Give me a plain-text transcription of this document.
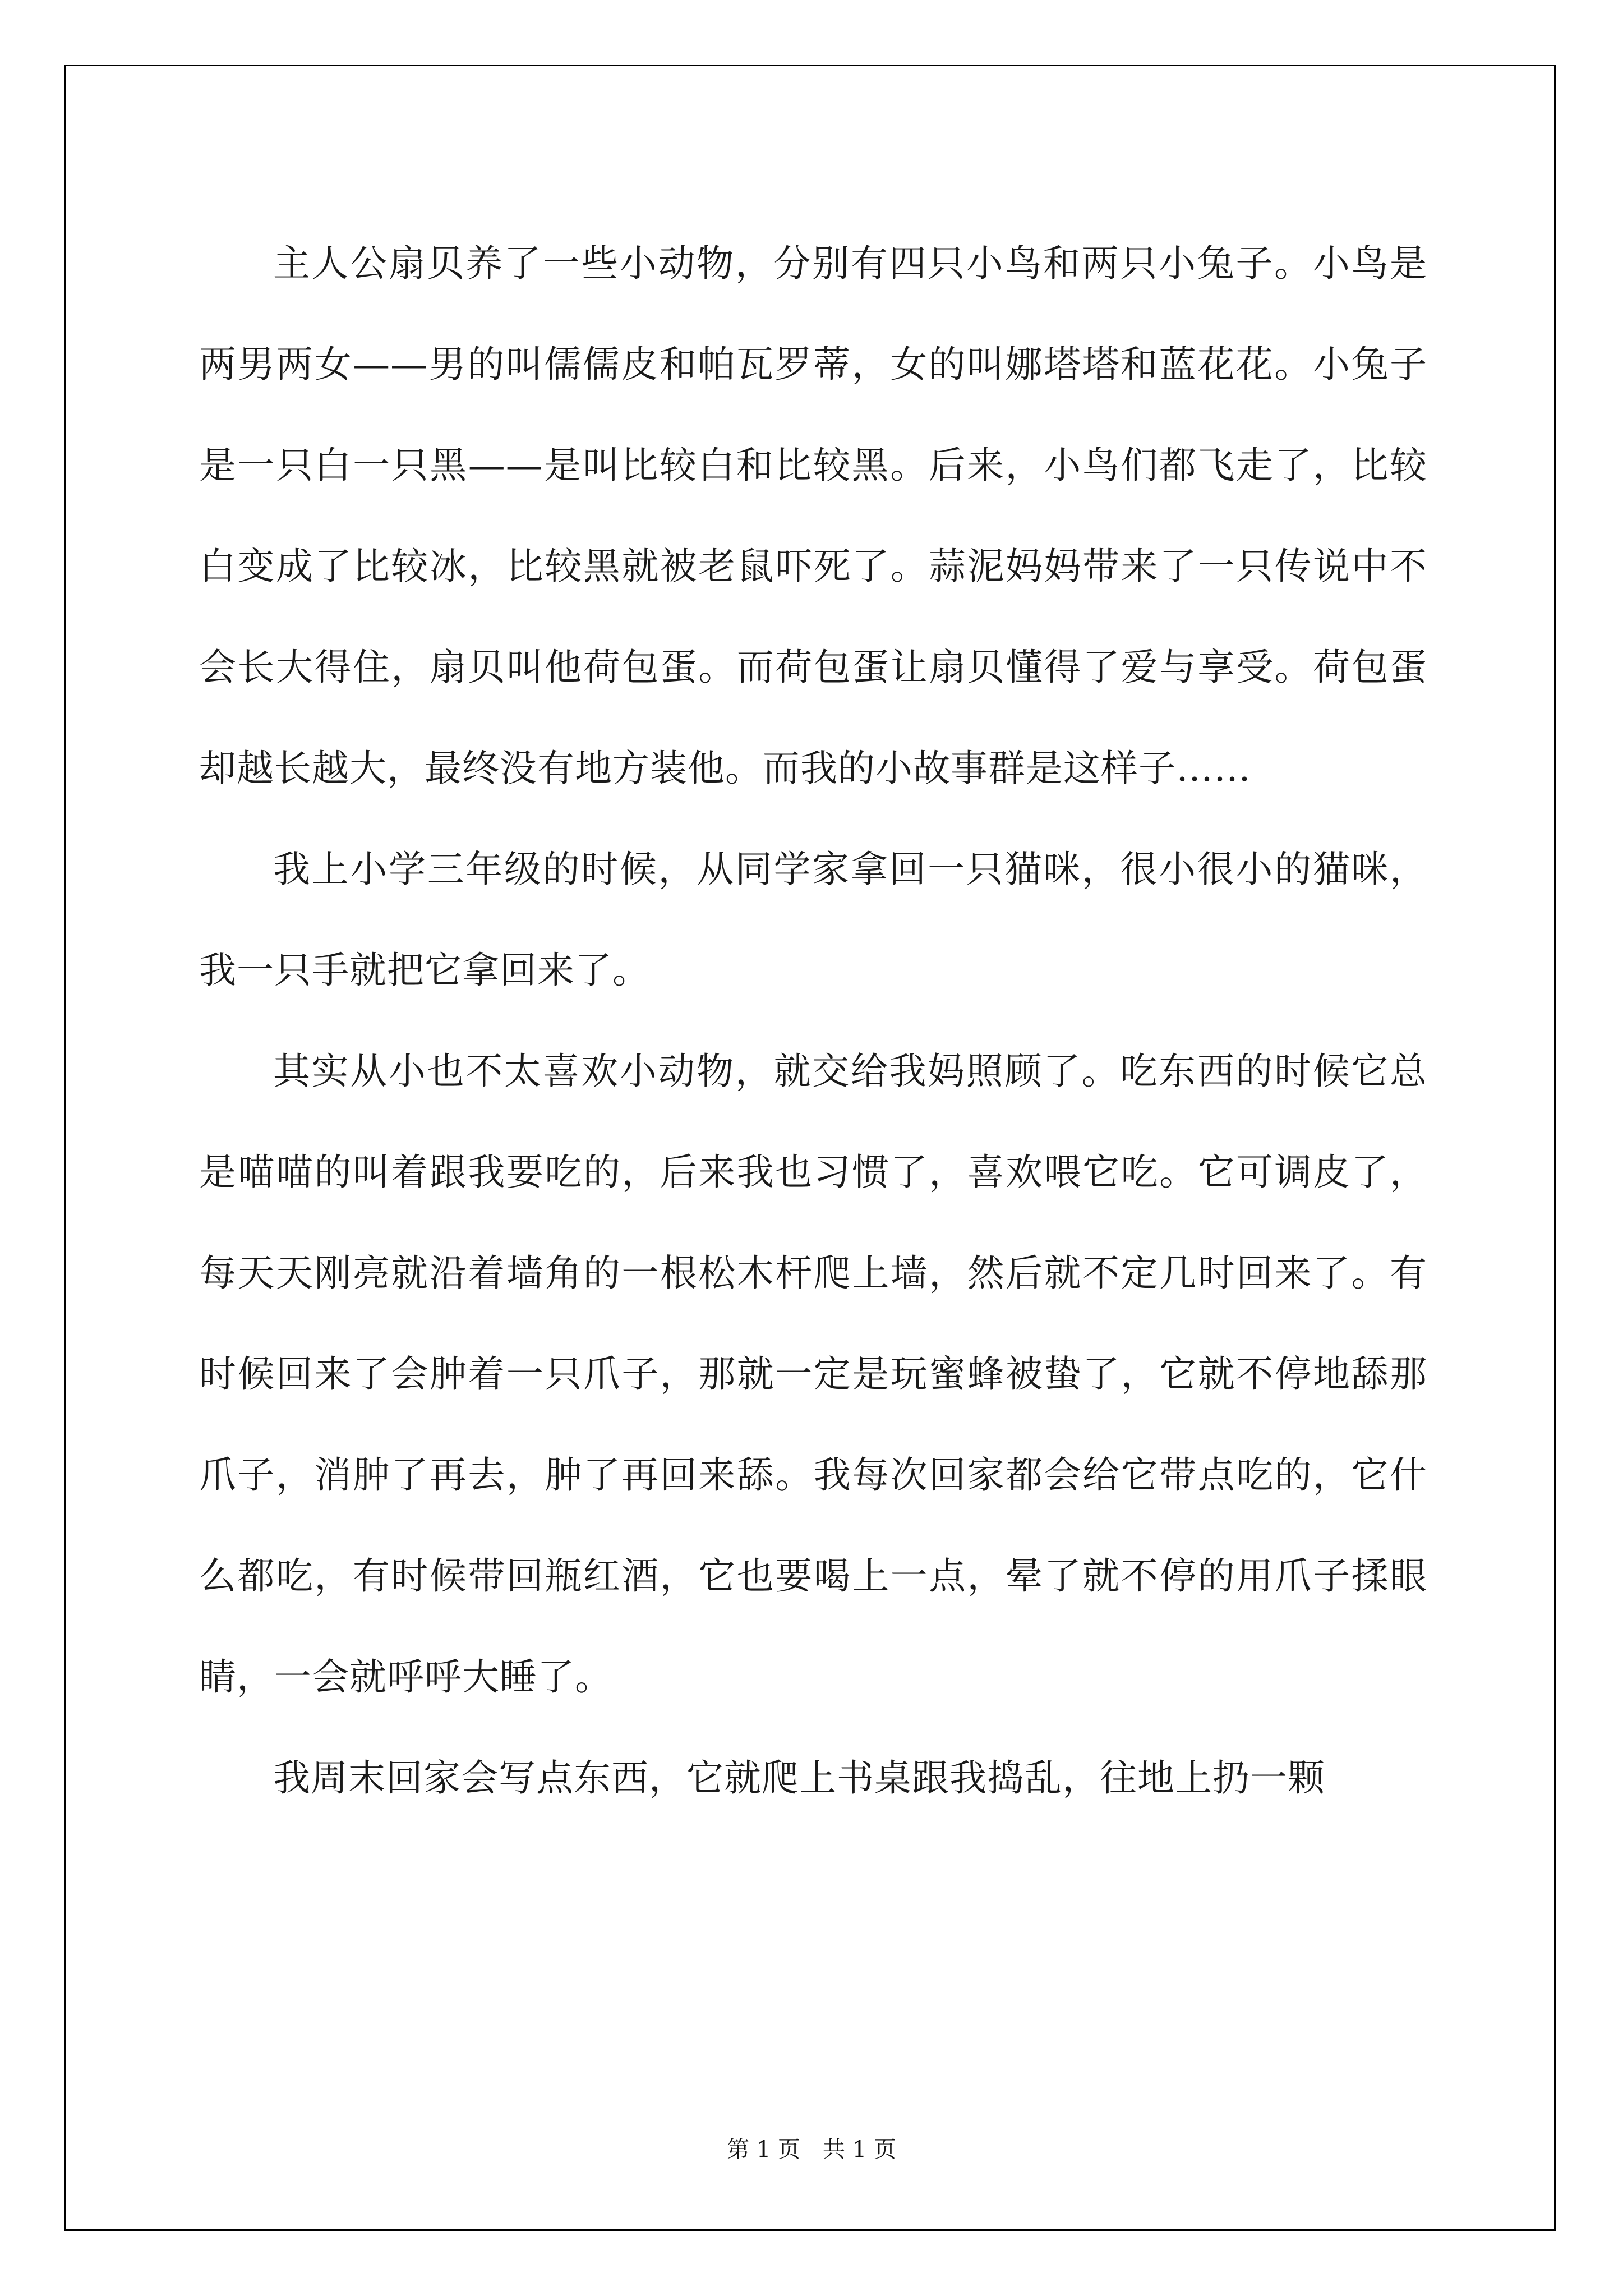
主人公扇贝养了一些小动物，分别有四只小鸟和两只小兔子。小鸟是两男两女——男的叫儒儒皮和帕瓦罗蒂，女的叫娜塔塔和蓝花花。小兔子是一只白一只黑——是叫比较白和比较黑。后来，小鸟们都飞走了，比较白变成了比较冰，比较黑就被老鼠吓死了。蒜泥妈妈带来了一只传说中不会长大得住，扇贝叫他荷包蛋。而荷包蛋让扇贝懂得了爱与享受。荷包蛋却越长越大，最终没有地方装他。而我的小故事群是这样子……

我上小学三年级的时候，从同学家拿回一只猫咪，很小很小的猫咪，我一只手就把它拿回来了。

其实从小也不太喜欢小动物，就交给我妈照顾了。吃东西的时候它总是喵喵的叫着跟我要吃的，后来我也习惯了，喜欢喂它吃。它可调皮了，每天天刚亮就沿着墙角的一根松木杆爬上墙，然后就不定几时回来了。有时候回来了会肿着一只爪子，那就一定是玩蜜蜂被蛰了，它就不停地舔那爪子，消肿了再去，肿了再回来舔。我每次回家都会给它带点吃的，它什么都吃，有时候带回瓶红酒，它也要喝上一点，晕了就不停的用爪子揉眼睛，一会就呼呼大睡了。

我周末回家会写点东西，它就爬上书桌跟我捣乱，往地上扔一颗

第 1 页　共 1 页
